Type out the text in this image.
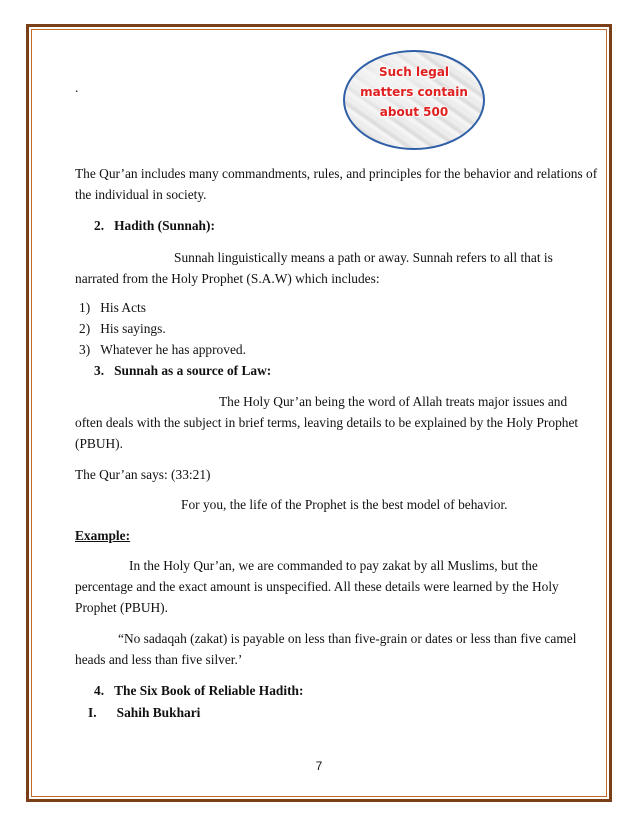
.
Such legal
matters contain
about 500
The Qur’an includes many commandments, rules, and principles for the behavior and relations of
the individual in society.
2.   Hadith (Sunnah):
Sunnah linguistically means a path or away. Sunnah refers to all that is
narrated from the Holy Prophet (S.A.W) which includes:
1)   His Acts
2)   His sayings.
3)   Whatever he has approved.
3.   Sunnah as a source of Law:
The Holy Qur’an being the word of Allah treats major issues and
often deals with the subject in brief terms, leaving details to be explained by the Holy Prophet
(PBUH).
The Qur’an says: (33:21)
For you, the life of the Prophet is the best model of behavior.
Example:
In the Holy Qur’an, we are commanded to pay zakat by all Muslims, but the
percentage and the exact amount is unspecified. All these details were learned by the Holy
Prophet (PBUH).
“No sadaqah (zakat) is payable on less than five-grain or dates or less than five camel
heads and less than five silver.’
4.   The Six Book of Reliable Hadith:
I.      Sahih Bukhari
7
